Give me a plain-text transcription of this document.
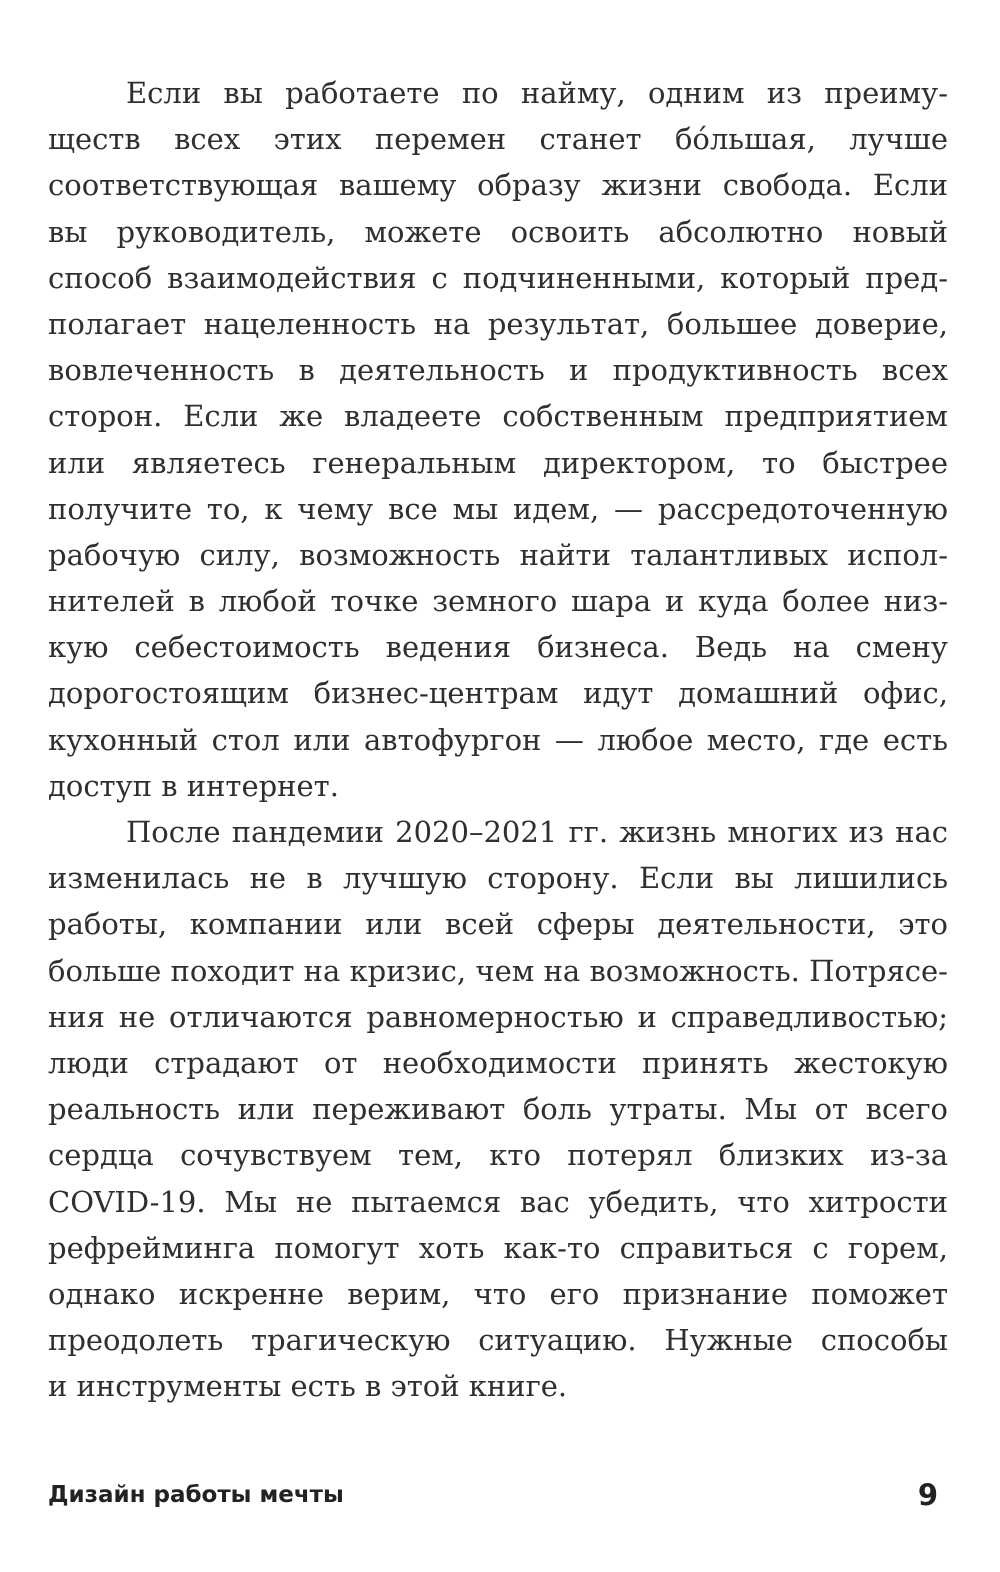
Если вы работаете по найму, одним из преиму-
ществ всех этих перемен станет бóльшая, лучше
соответствующая вашему образу жизни свобода. Если
вы руководитель, можете освоить абсолютно новый
способ взаимодействия с подчиненными, который пред-
полагает нацеленность на результат, большее доверие,
вовлеченность в деятельность и продуктивность всех
сторон. Если же владеете собственным предприятием
или являетесь генеральным директором, то быстрее
получите то, к чему все мы идем, — рассредоточенную
рабочую силу, возможность найти талантливых испол-
нителей в любой точке земного шара и куда более низ-
кую себестоимость ведения бизнеса. Ведь на смену
дорогостоящим бизнес-центрам идут домашний офис,
кухонный стол или автофургон — любое место, где есть
доступ в интернет.
После пандемии 2020–2021 гг. жизнь многих из нас
изменилась не в лучшую сторону. Если вы лишились
работы, компании или всей сферы деятельности, это
больше походит на кризис, чем на возможность. Потрясе-
ния не отличаются равномерностью и справедливостью;
люди страдают от необходимости принять жестокую
реальность или переживают боль утраты. Мы от всего
сердца сочувствуем тем, кто потерял близких из-за
COVID-19. Мы не пытаемся вас убедить, что хитрости
рефрейминга помогут хоть как-то справиться с горем,
однако искренне верим, что его признание поможет
преодолеть трагическую ситуацию. Нужные способы
и инструменты есть в этой книге.
Дизайн работы мечты	9
